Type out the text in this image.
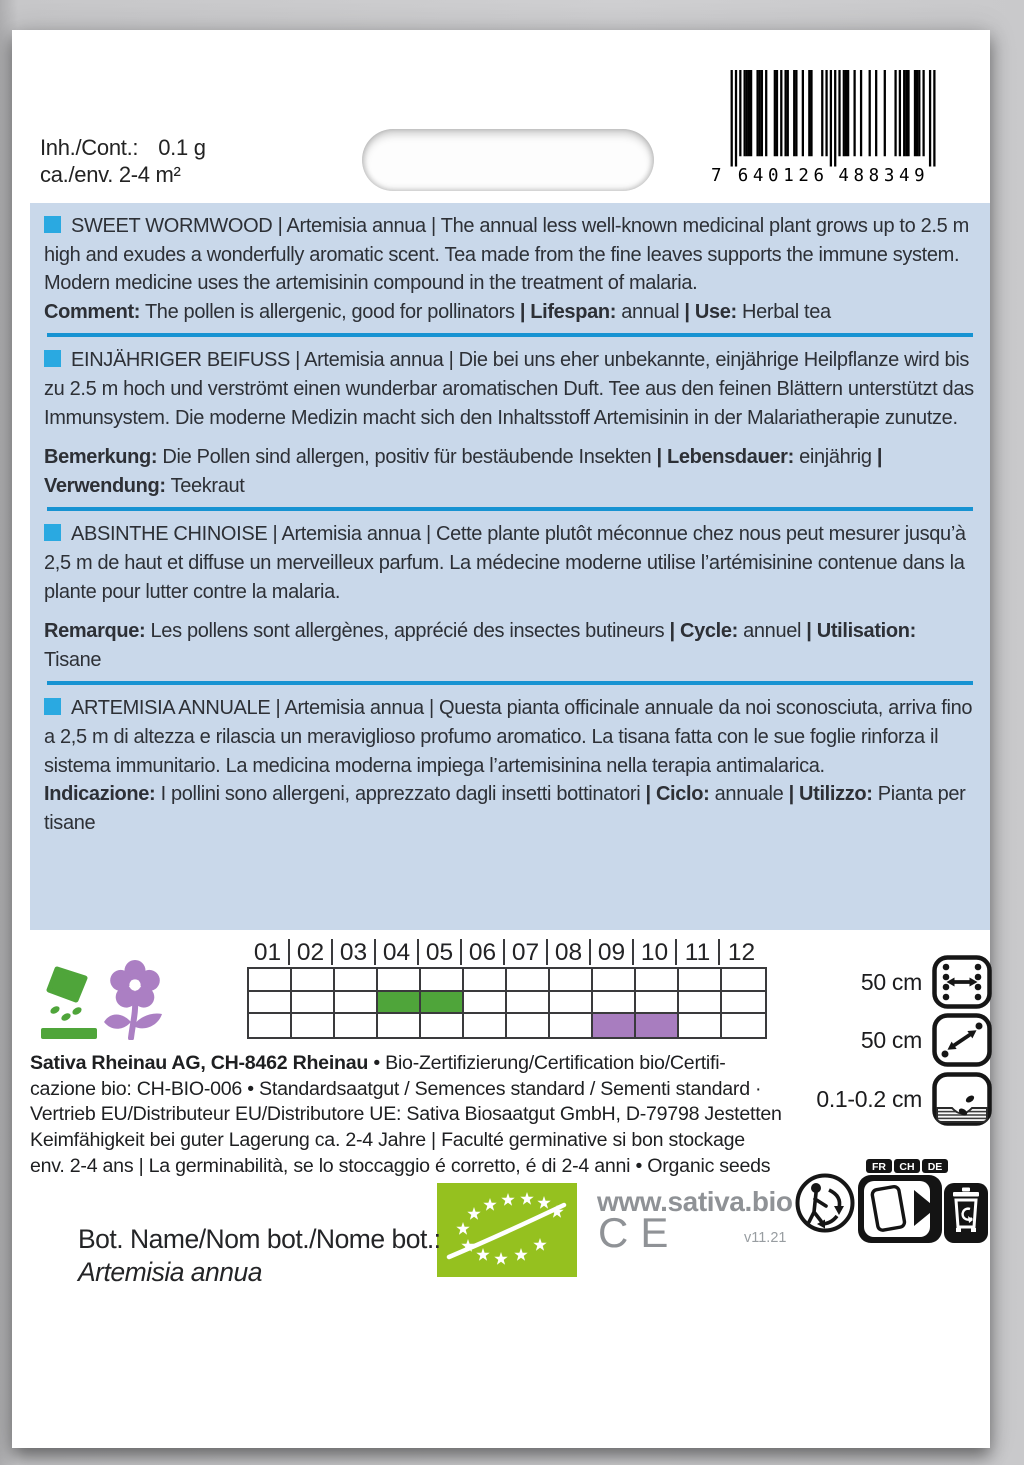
Inh./Cont.: 0.1 g
ca./env. 2-4 m²	7 640126 488349

SWEET WORMWOOD | Artemisia annua | The annual less well-known medicinal plant grows up to 2.5 m high and exudes a wonderfully aromatic scent. Tea made from the fine leaves supports the immune system. Modern medicine uses the artemisinin compound in the treatment of malaria.

Comment: The pollen is allergenic, good for pollinators | Lifespan: annual | Use: Herbal tea

EINJÄHRIGER BEIFUSS | Artemisia annua | Die bei uns eher unbekannte, einjährige Heilpflanze wird bis zu 2.5 m hoch und verströmt einen wunderbar aromatischen Duft. Tee aus den feinen Blättern unterstützt das Immunsystem. Die moderne Medizin macht sich den Inhaltsstoff Artemisinin in der Malariatherapie zunutze.

Bemerkung: Die Pollen sind allergen, positiv für bestäubende Insekten | Lebensdauer: einjährig | Verwendung: Teekraut

ABSINTHE CHINOISE | Artemisia annua | Cette plante plutôt méconnue chez nous peut mesurer jusqu’à 2,5 m de haut et diffuse un merveilleux parfum. La médecine moderne utilise l’artémisinine contenue dans la plante pour lutter contre la malaria.

Remarque: Les pollens sont allergènes, apprécié des insectes butineurs | Cycle: annuel | Utilisation: Tisane

ARTEMISIA ANNUALE | Artemisia annua | Questa pianta officinale annuale da noi sconosciuta, arriva fino a 2,5 m di altezza e rilascia un meraviglioso profumo aromatico. La tisana fatta con le sue foglie rinforza il sistema immunitario. La medicina moderna impiega l’artemisinina nella terapia antimalarica.

Indicazione: I pollini sono allergeni, apprezzato dagli insetti bottinatori | Ciclo: annuale | Utilizzo: Pianta per tisane

01 02 03 04 05 06 07 08 09 10 11 12
50 cm
50 cm
0.1-0.2 cm
Sativa Rheinau AG, CH-8462 Rheinau • Bio-Zertifizierung/Certification bio/Certifi-
cazione bio: CH-BIO-006 • Standardsaatgut / Semences standard / Sementi standard ·
Vertrieb EU/Distributeur EU/Distributore UE: Sativa Biosaatgut GmbH, D-79798 Jestetten
Keimfähigkeit bei guter Lagerung ca. 2-4 Jahre | Faculté germinative si bon stockage
env. 2-4 ans | La germinabilità, se lo stoccaggio é corretto, é di 2-4 anni • Organic seeds
www.sativa.bio
CE	v11.21
FR CH DE
Bot. Name/Nom bot./Nome bot.:
Artemisia annua
